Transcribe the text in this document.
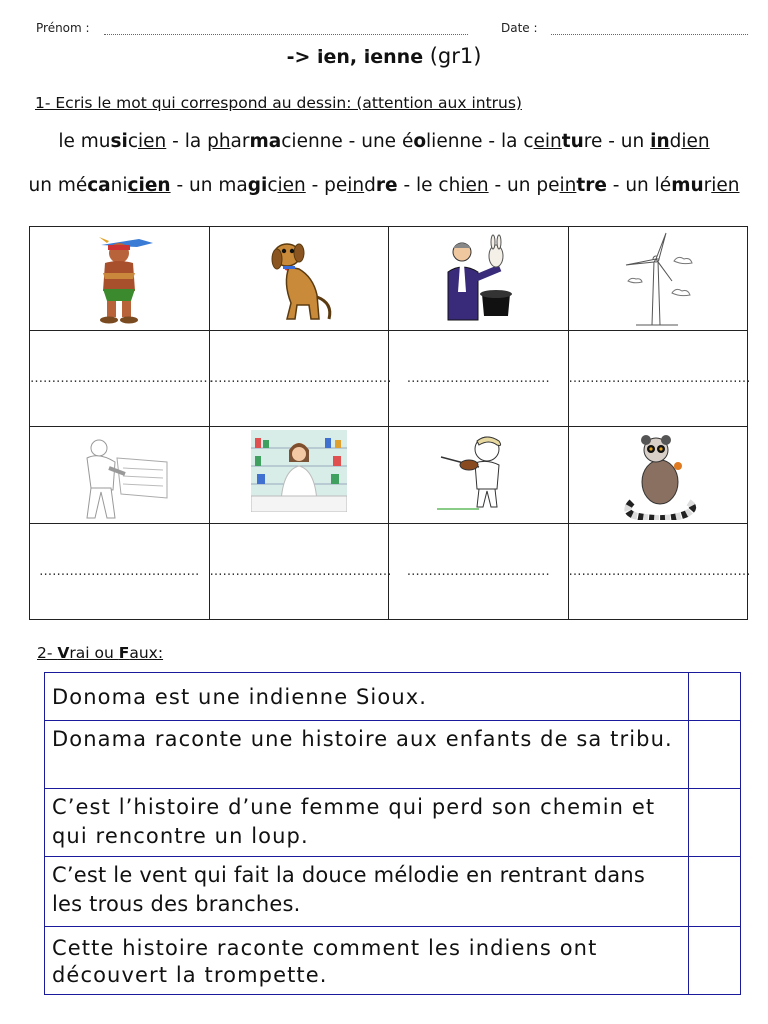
Prénom :	Date :
-> ien, ienne (gr1)
1- Ecris le mot qui correspond au dessin: (attention aux intrus)
le musicien - la pharmacienne - une éolienne - la ceinture - un indien
un mécanicien - un magicien - peindre - le chien - un peintre - un lémurien

……………………………………	……………………………………	……………………………	……………………………………

……………………………….	……………………………………	……………………………	……………………………………
2- Vrai ou Faux:
Donoma est une indienne Sioux.	
Donama raconte une histoire aux enfants de sa tribu.	
C’est l’histoire d’une femme qui perd son chemin et qui rencontre un loup.	
C’est le vent qui fait la douce mélodie en rentrant dans les trous des branches.	
Cette histoire raconte comment les indiens ont découvert la trompette.	
